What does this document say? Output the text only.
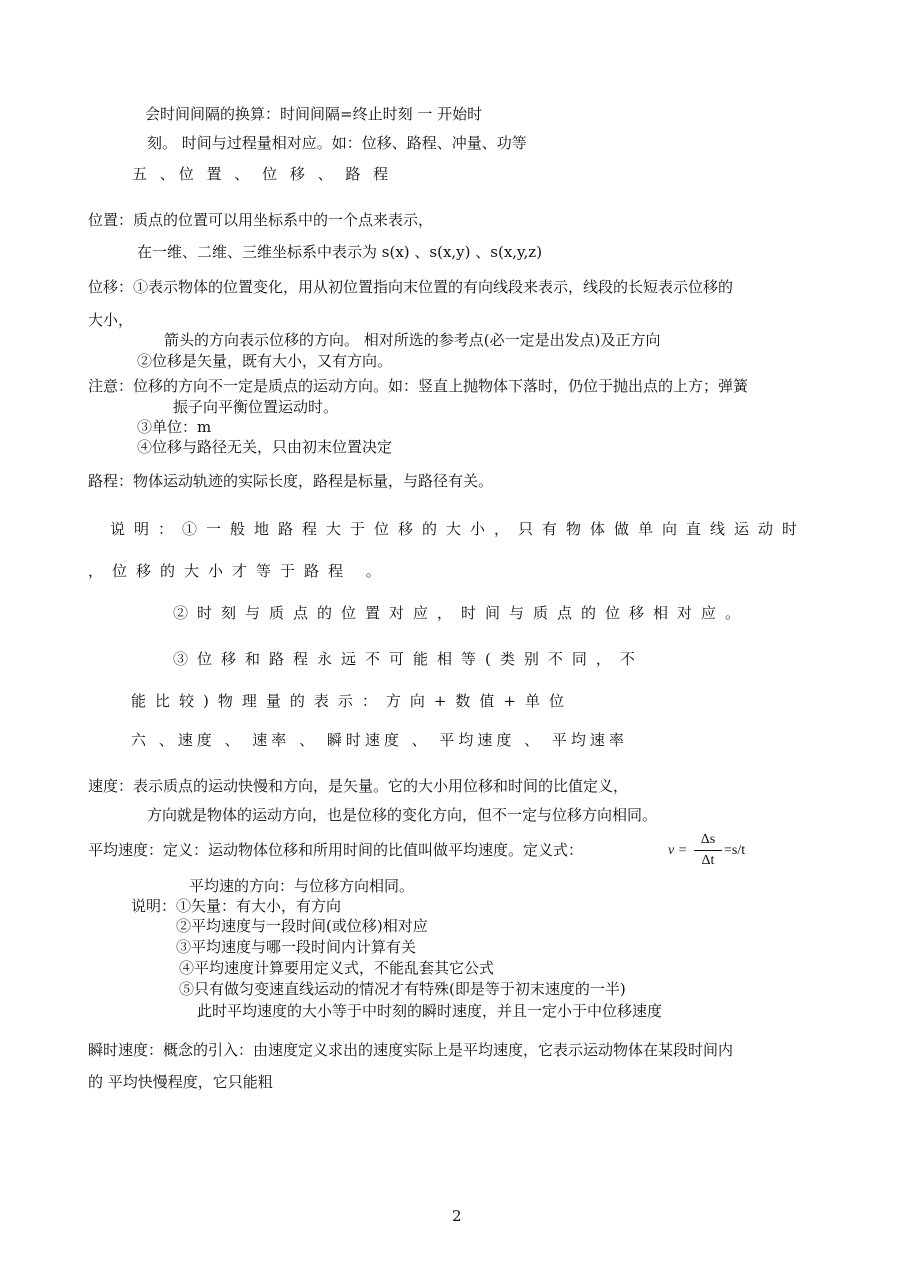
会时间间隔的换算：时间间隔=终止时刻 一 开始时
刻。 时间与过程量相对应。如：位移、路程、冲量、功等
五 、位 置 、 位 移 、 路 程
位置：质点的位置可以用坐标系中的一个点来表示，
在一维、二维、三维坐标系中表示为 s(x) 、s(x,y) 、s(x,y,z)
位移：①表示物体的位置变化，用从初位置指向末位置的有向线段来表示，线段的长短表示位移的
大小，
箭头的方向表示位移的方向。 相对所选的参考点(必一定是出发点)及正方向
②位移是矢量，既有大小，又有方向。
注意：位移的方向不一定是质点的运动方向。如：竖直上抛物体下落时，仍位于抛出点的上方；弹簧
振子向平衡位置运动时。
③单位：m
④位移与路径无关，只由初末位置决定
路程：物体运动轨迹的实际长度，路程是标量，与路径有关。
说明：①一般地路程大于位移的大小，只有物体做单向直线运动时
，位移的大小才等于路程 。
②时刻与质点的位置对应，时间与质点的位移相对应。
③位移和路程永远不可能相等(类别不同，不
能比较)物理量的表示：方向+数值+单位
六 、速度 、 速率 、 瞬时速度 、 平均速度 、 平均速率
速度：表示质点的运动快慢和方向，是矢量。它的大小用位移和时间的比值定义，
方向就是物体的运动方向，也是位移的变化方向，但不一定与位移方向相同。
平均速度：定义：运动物体位移和所用时间的比值叫做平均速度。定义式：	v =
Δs
Δt
=s/t
平均速的方向：与位移方向相同。
说明：①矢量：有大小，有方向
②平均速度与一段时间(或位移)相对应
③平均速度与哪一段时间内计算有关
④平均速度计算要用定义式，不能乱套其它公式
⑤只有做匀变速直线运动的情况才有特殊(即是等于初末速度的一半)
此时平均速度的大小等于中时刻的瞬时速度，并且一定小于中位移速度
瞬时速度：概念的引入：由速度定义求出的速度实际上是平均速度，它表示运动物体在某段时间内
的 平均快慢程度，它只能粗
2
